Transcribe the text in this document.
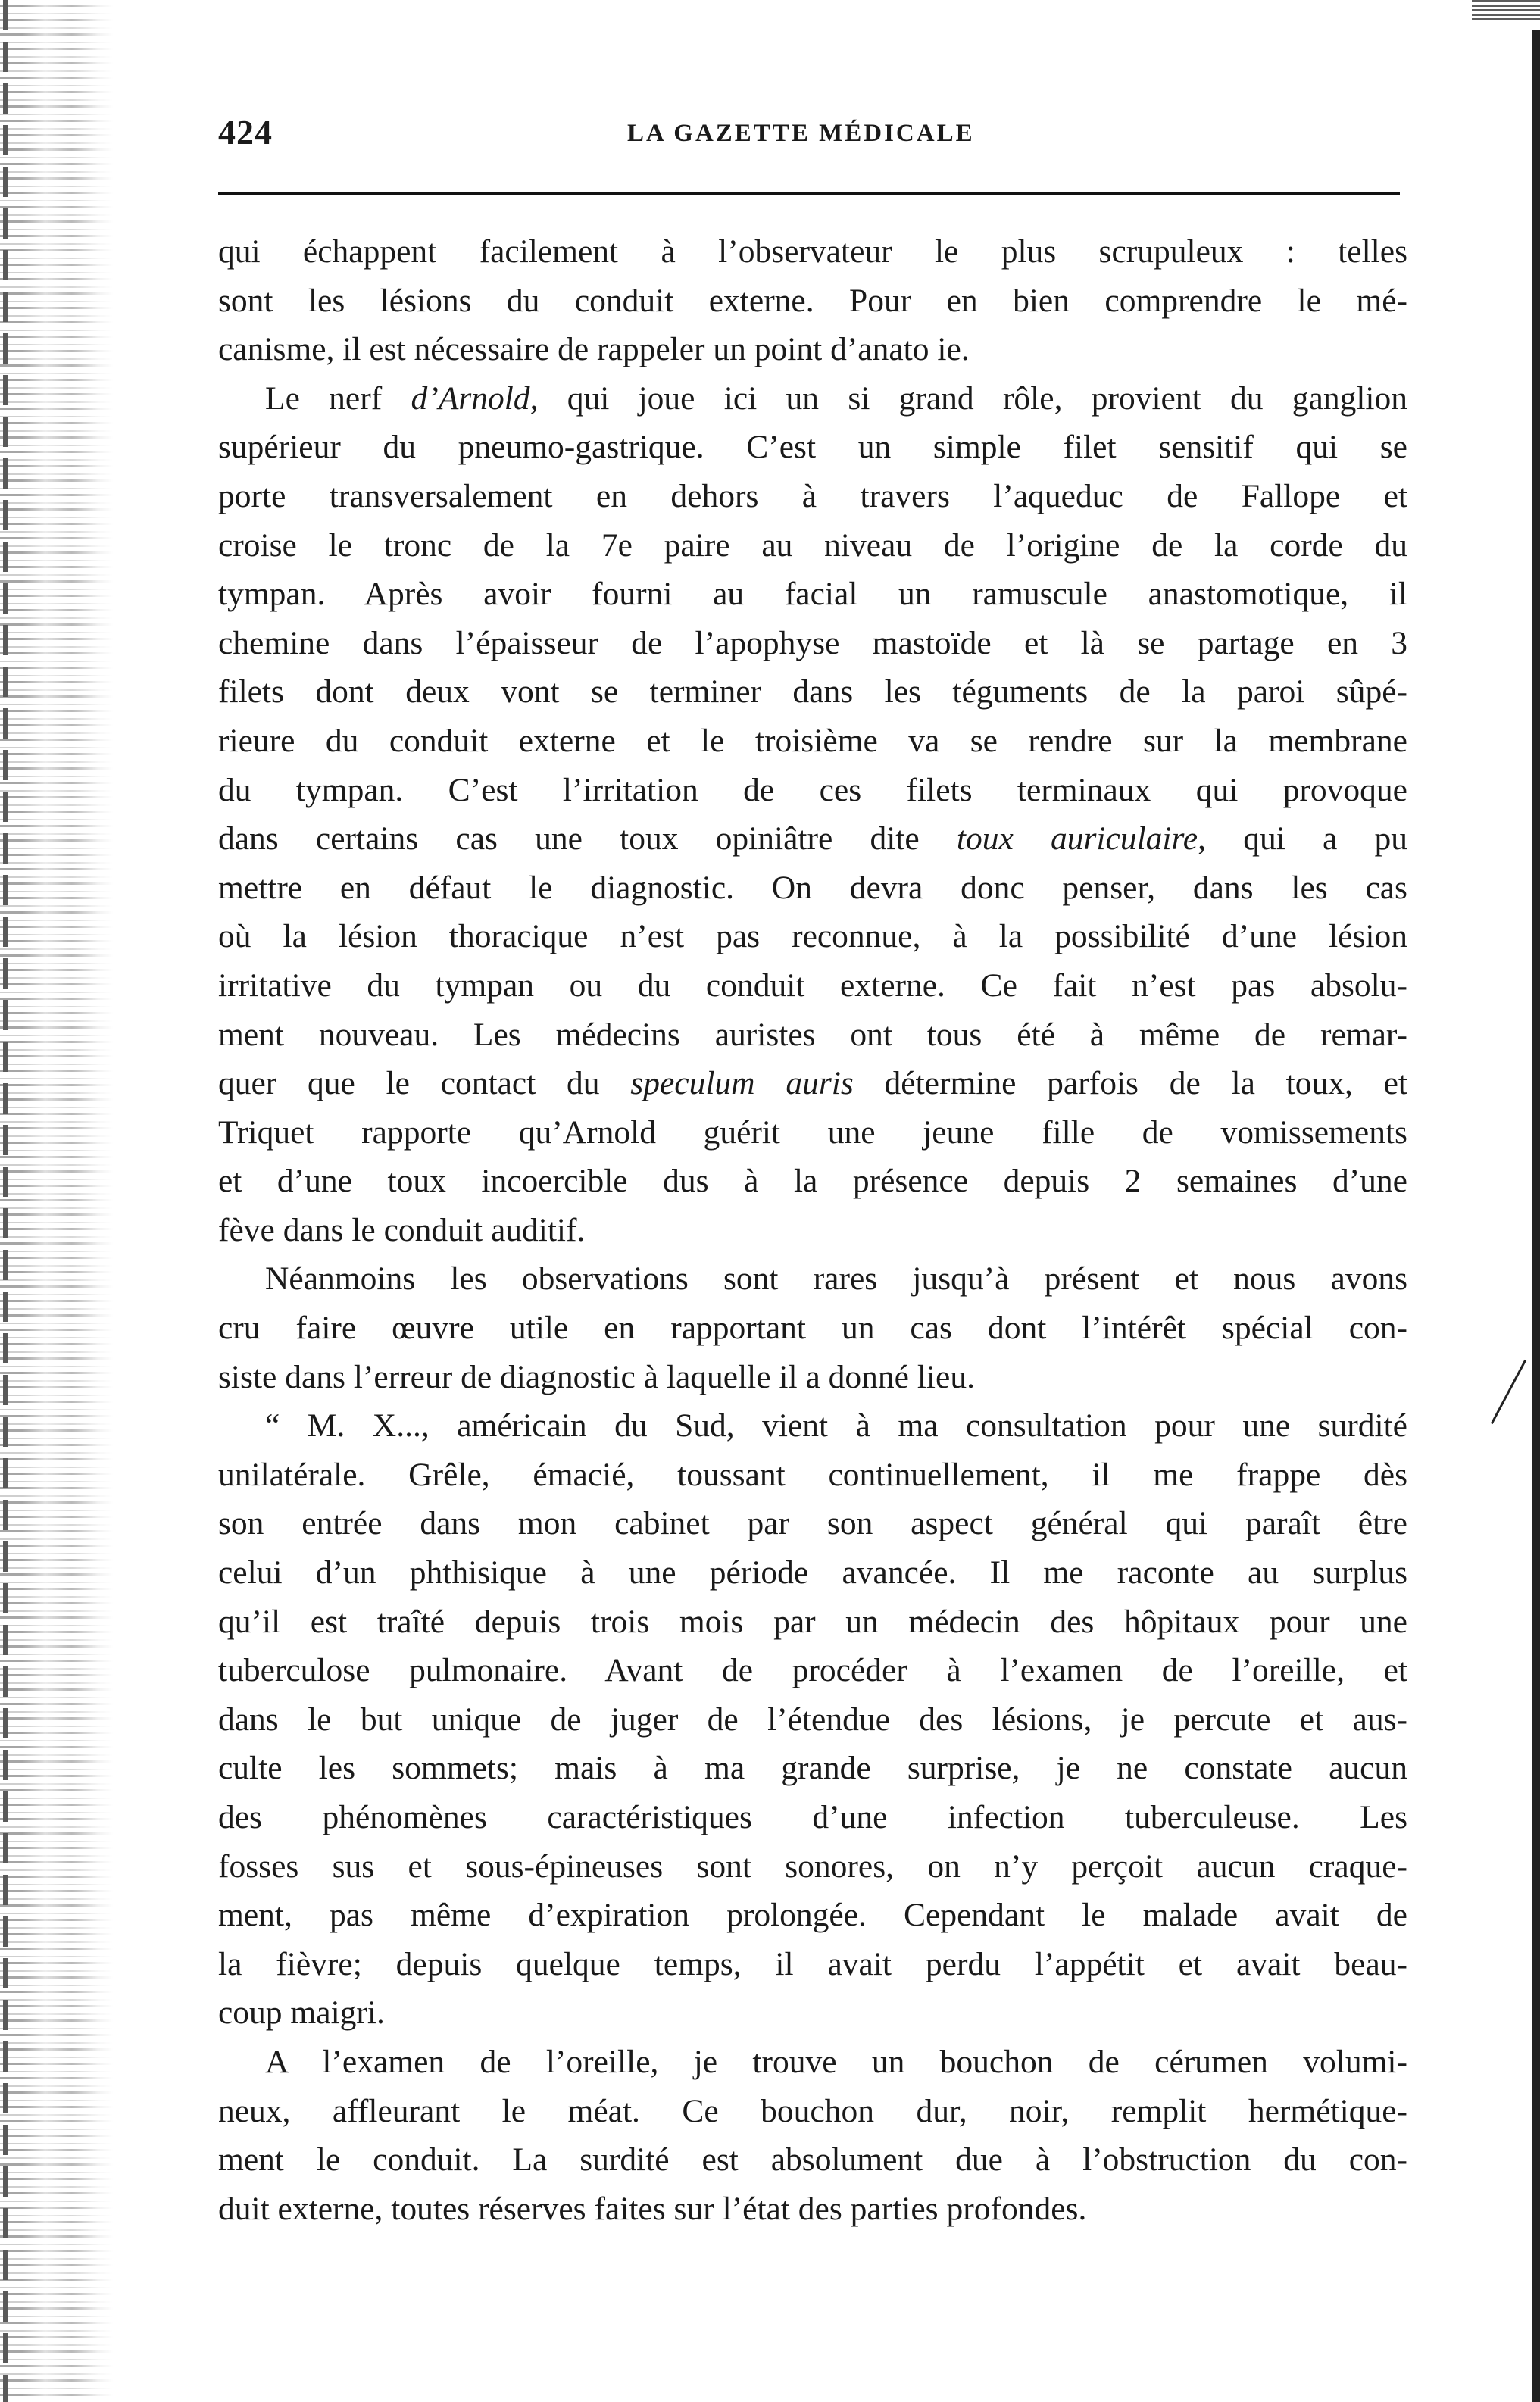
424	LA GAZETTE MÉDICALE

qui échappent facilement à l’observateur le plus scrupuleux : telles
sont les lésions du conduit externe. Pour en bien comprendre le mé-
canisme, il est nécessaire de rappeler un point d’anato ie.

Le nerf d’Arnold, qui joue ici un si grand rôle, provient du ganglion
supérieur du pneumo-gastrique. C’est un simple filet sensitif qui se
porte transversalement en dehors à travers l’aqueduc de Fallope et
croise le tronc de la 7e paire au niveau de l’origine de la corde du
tympan. Après avoir fourni au facial un ramuscule anastomotique, il
chemine dans l’épaisseur de l’apophyse mastoïde et là se partage en 3
filets dont deux vont se terminer dans les téguments de la paroi sûpé-
rieure du conduit externe et le troisième va se rendre sur la membrane
du tympan. C’est l’irritation de ces filets terminaux qui provoque
dans certains cas une toux opiniâtre dite toux auriculaire, qui a pu
mettre en défaut le diagnostic. On devra donc penser, dans les cas
où la lésion thoracique n’est pas reconnue, à la possibilité d’une lésion
irritative du tympan ou du conduit externe. Ce fait n’est pas absolu-
ment nouveau. Les médecins auristes ont tous été à même de remar-
quer que le contact du speculum auris détermine parfois de la toux, et
Triquet rapporte qu’Arnold guérit une jeune fille de vomissements
et d’une toux incoercible dus à la présence depuis 2 semaines d’une
fève dans le conduit auditif.

Néanmoins les observations sont rares jusqu’à présent et nous avons
cru faire œuvre utile en rapportant un cas dont l’intérêt spécial con-
siste dans l’erreur de diagnostic à laquelle il a donné lieu.

“ M. X..., américain du Sud, vient à ma consultation pour une surdité
unilatérale. Grêle, émacié, toussant continuellement, il me frappe dès
son entrée dans mon cabinet par son aspect général qui paraît être
celui d’un phthisique à une période avancée. Il me raconte au surplus
qu’il est traîté depuis trois mois par un médecin des hôpitaux pour une
tuberculose pulmonaire. Avant de procéder à l’examen de l’oreille, et
dans le but unique de juger de l’étendue des lésions, je percute et aus-
culte les sommets; mais à ma grande surprise, je ne constate aucun
des phénomènes caractéristiques d’une infection tuberculeuse. Les
fosses sus et sous-épineuses sont sonores, on n’y perçoit aucun craque-
ment, pas même d’expiration prolongée. Cependant le malade avait de
la fièvre; depuis quelque temps, il avait perdu l’appétit et avait beau-
coup maigri.

A l’examen de l’oreille, je trouve un bouchon de cérumen volumi-
neux, affleurant le méat. Ce bouchon dur, noir, remplit hermétique-
ment le conduit. La surdité est absolument due à l’obstruction du con-
duit externe, toutes réserves faites sur l’état des parties profondes.
